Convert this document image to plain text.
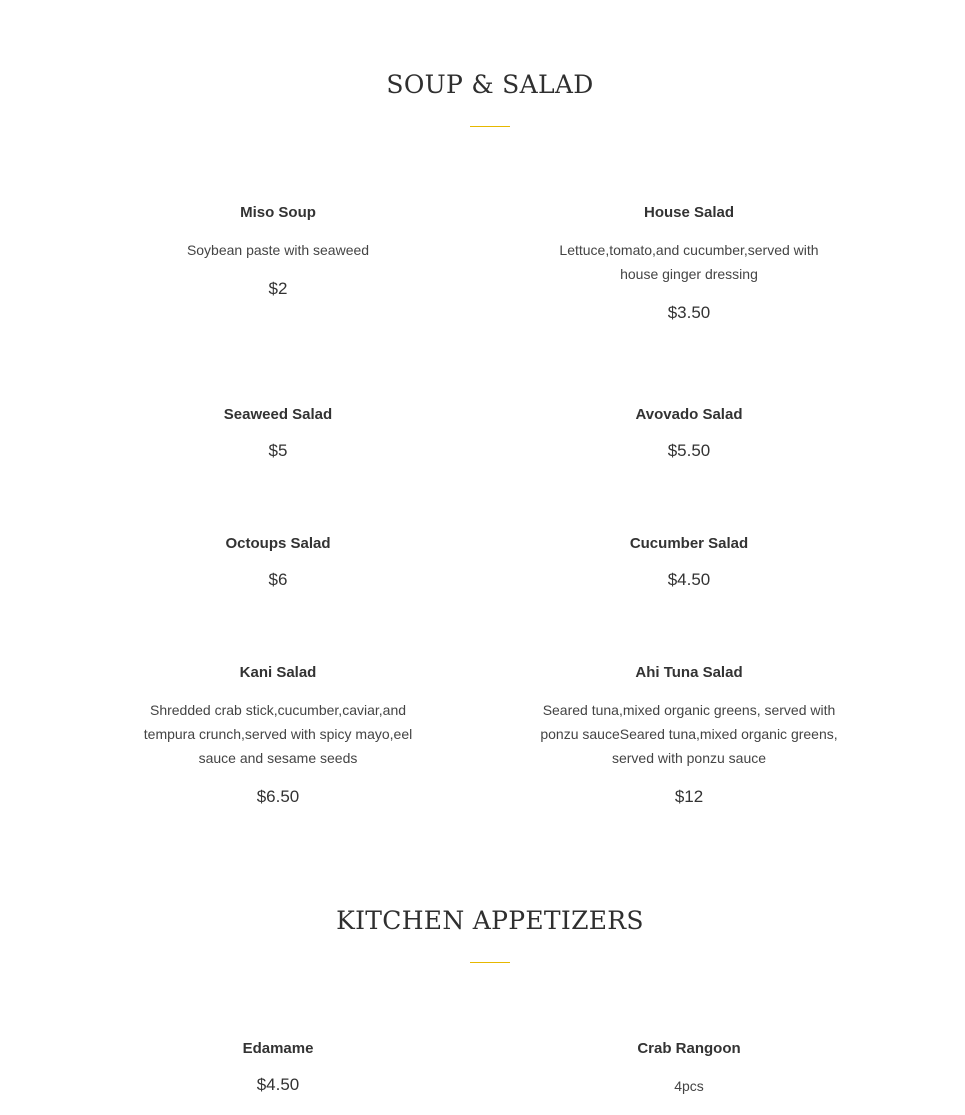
SOUP & SALAD
Miso Soup
Soybean paste with seaweed
$2
House Salad
Lettuce,tomato,and cucumber,served with house ginger dressing
$3.50
Seaweed Salad
$5
Avovado Salad
$5.50
Octoups Salad
$6
Cucumber Salad
$4.50
Kani Salad
Shredded crab stick,cucumber,caviar,and tempura crunch,served with spicy mayo,eel sauce and sesame seeds
$6.50
Ahi Tuna Salad
Seared tuna,mixed organic greens, served with ponzu sauceSeared tuna,mixed organic greens, served with ponzu sauce
$12
KITCHEN APPETIZERS
Edamame
$4.50
Crab Rangoon
4pcs
